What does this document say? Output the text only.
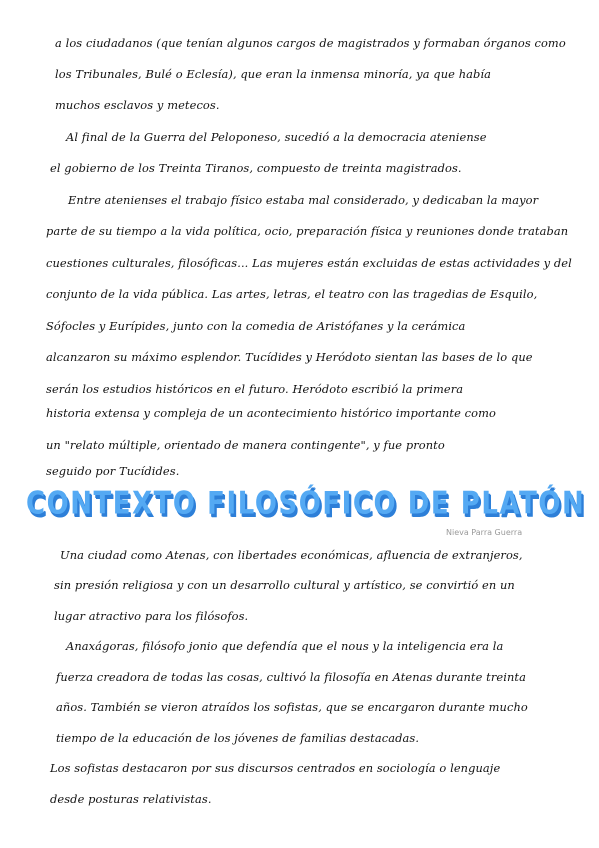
a los ciudadanos (que tenían algunos cargos de magistrados y formaban órganos como
los Tribunales, Bulé o Eclesía), que eran la inmensa minoría, ya que había
muchos esclavos y metecos.
Al final de la Guerra del Peloponeso, sucedió a la democracia ateniense
el gobierno de los Treinta Tiranos, compuesto de treinta magistrados.
Entre atenienses el trabajo físico estaba mal considerado, y dedicaban la mayor
parte de su tiempo a la vida política, ocio, preparación física y reuniones donde trataban
cuestiones culturales, filosóficas... Las mujeres están excluidas de estas actividades y del
conjunto de la vida pública. Las artes, letras, el teatro con las tragedias de Esquilo,
Sófocles y Eurípides, junto con la comedia de Aristófanes y la cerámica
alcanzaron su máximo esplendor. Tucídides y Heródoto sientan las bases de lo que
serán los estudios históricos en el futuro. Heródoto escribió la primera
historia extensa y compleja de un acontecimiento histórico importante como
un "relato múltiple, orientado de manera contingente", y fue pronto
seguido por Tucídides.
CONTEXTO FILOSÓFICO DE PLATÓN
Nieva Parra Guerra
Una ciudad como Atenas, con libertades económicas, afluencia de extranjeros,
sin presión religiosa y con un desarrollo cultural y artístico, se convirtió en un
lugar atractivo para los filósofos.
Anaxágoras, filósofo jonio que defendía que el nous y la inteligencia era la
fuerza creadora de todas las cosas, cultivó la filosofía en Atenas durante treinta
años. También se vieron atraídos los sofistas, que se encargaron durante mucho
tiempo de la educación de los jóvenes de familias destacadas.
Los sofistas destacaron por sus discursos centrados en sociología o lenguaje
desde posturas relativistas.
